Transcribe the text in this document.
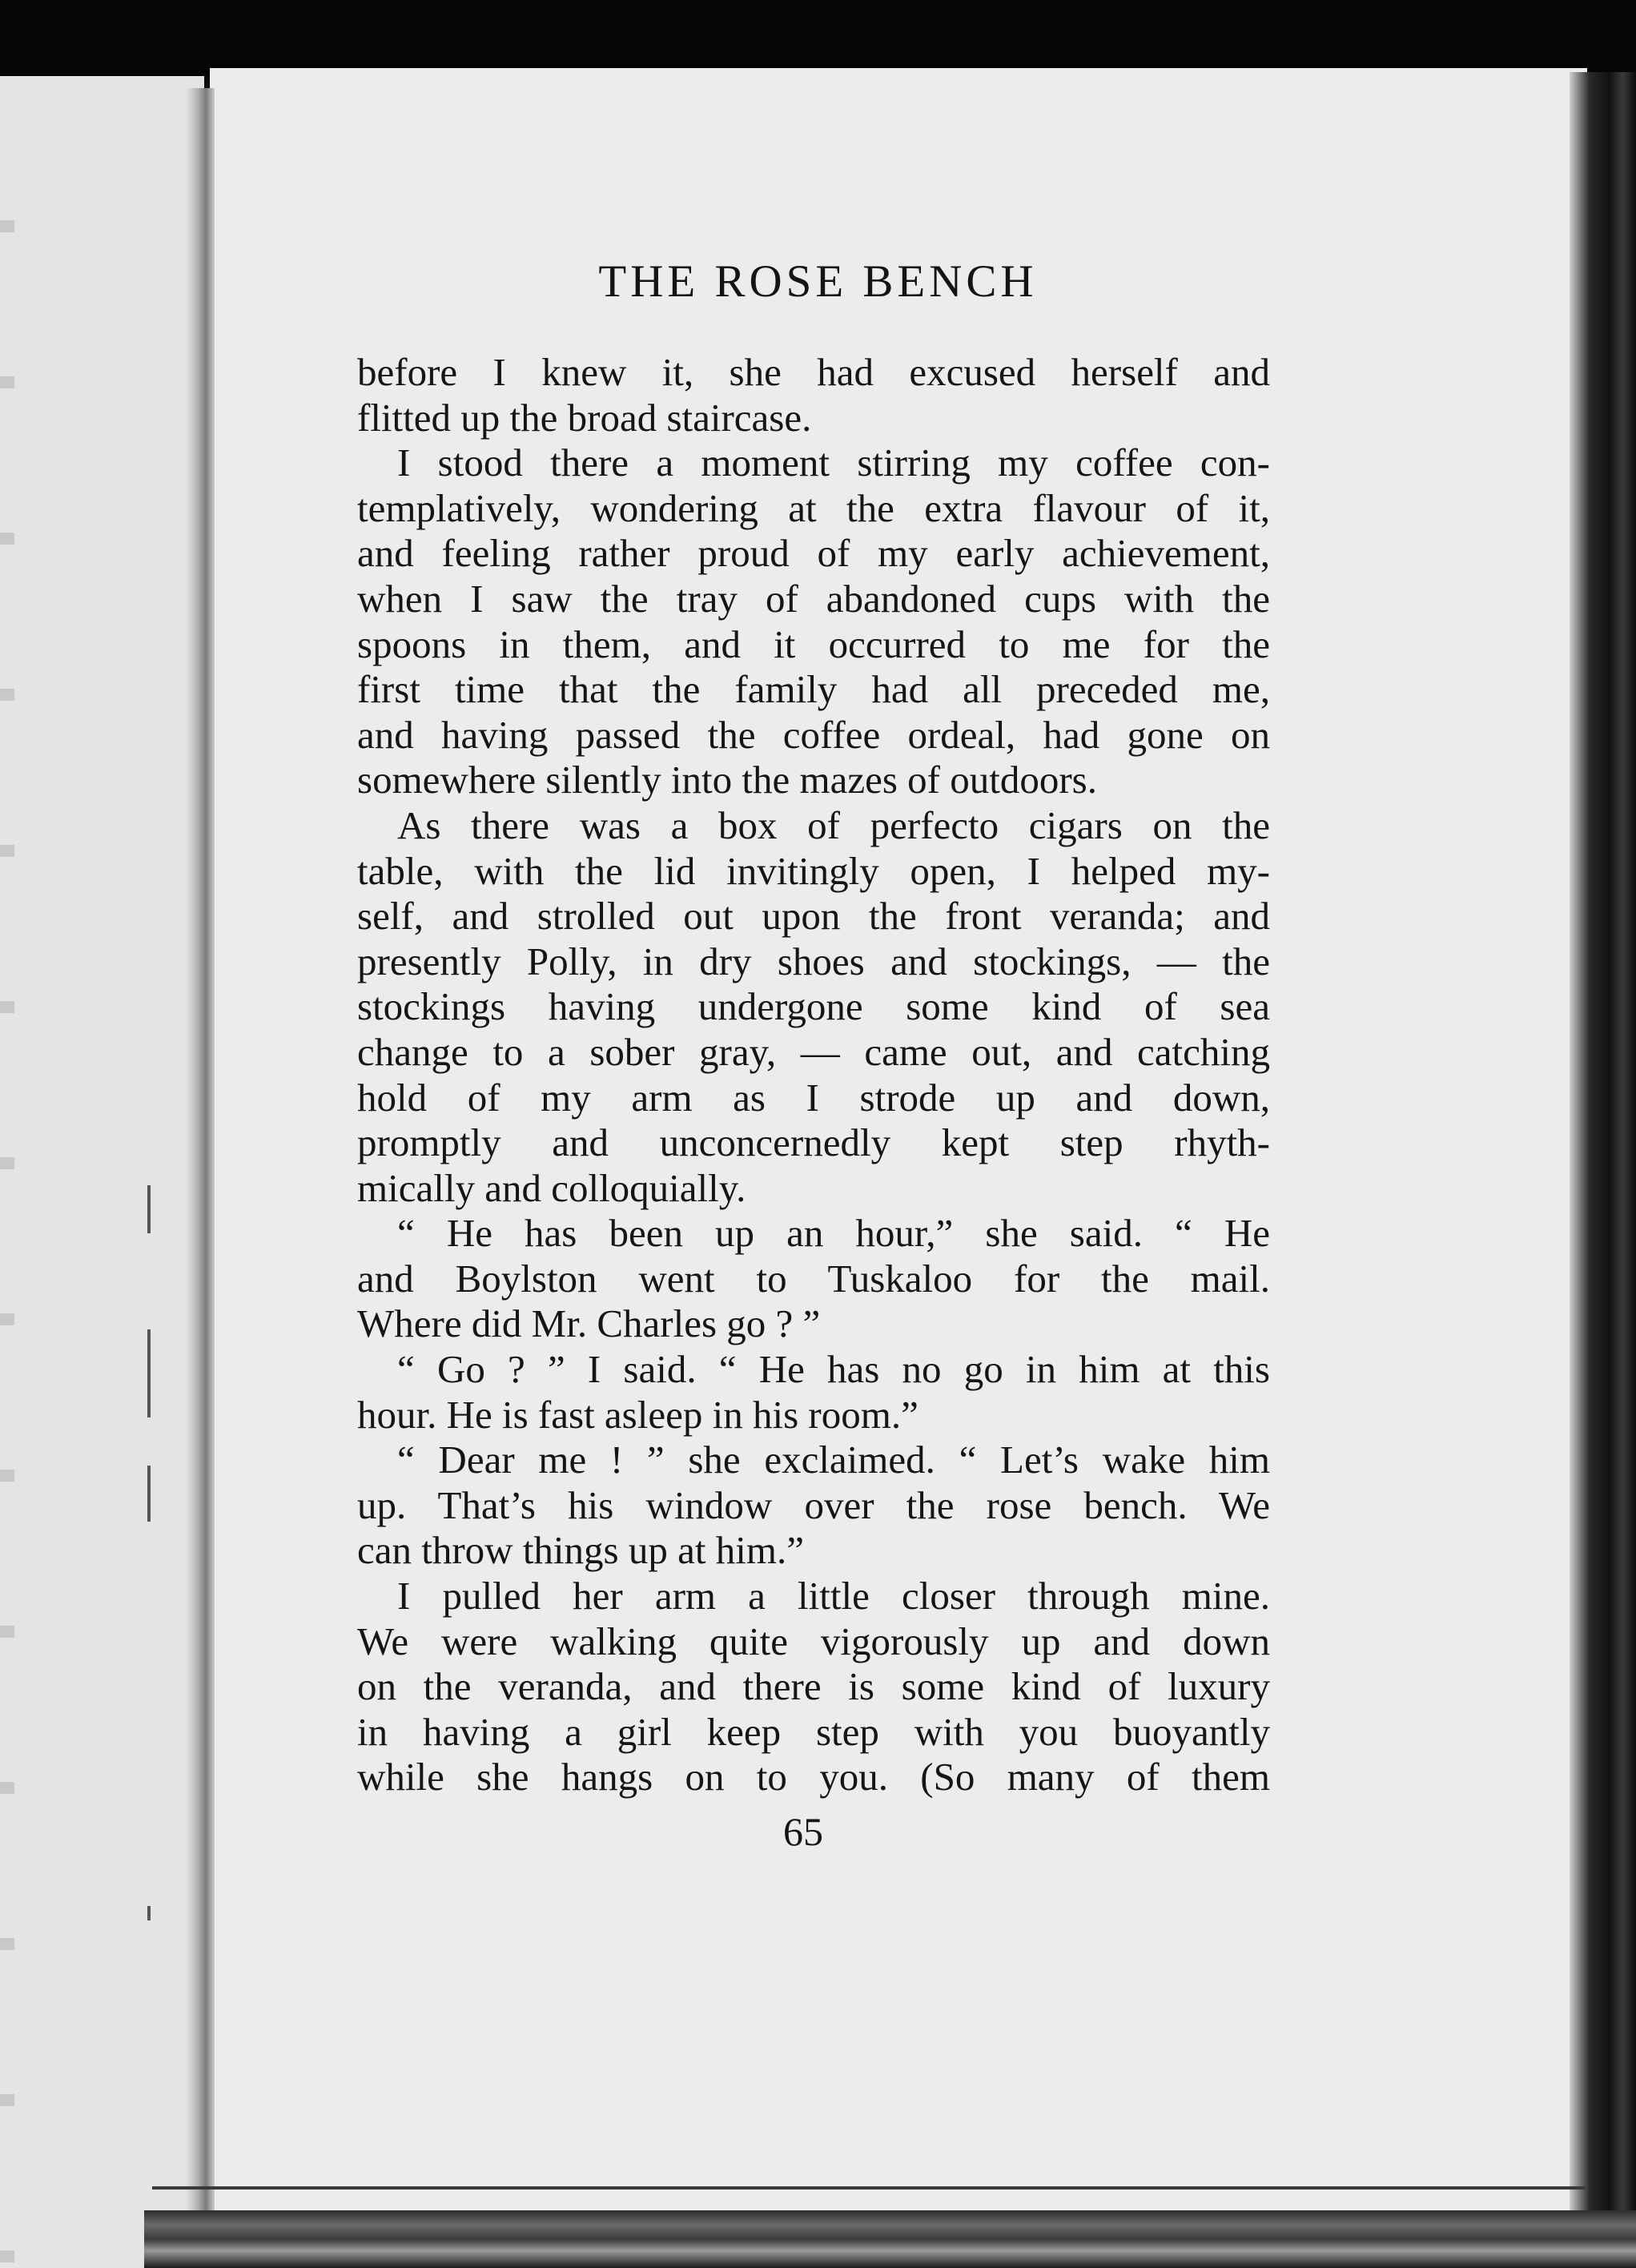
THE ROSE BENCH
before I knew it, she had excused herself and
flitted up the broad staircase.
I stood there a moment stirring my coffee con-
templatively, wondering at the extra flavour of it,
and feeling rather proud of my early achievement,
when I saw the tray of abandoned cups with the
spoons in them, and it occurred to me for the
first time that the family had all preceded me,
and having passed the coffee ordeal, had gone on
somewhere silently into the mazes of outdoors.
As there was a box of perfecto cigars on the
table, with the lid invitingly open, I helped my-
self, and strolled out upon the front veranda; and
presently Polly, in dry shoes and stockings, — the
stockings having undergone some kind of sea
change to a sober gray, — came out, and catching
hold of my arm as I strode up and down,
promptly and unconcernedly kept step rhyth-
mically and colloquially.
“ He has been up an hour,” she said. “ He
and Boylston went to Tuskaloo for the mail.
Where did Mr. Charles go ? ”
“ Go ? ” I said. “ He has no go in him at this
hour. He is fast asleep in his room.”
“ Dear me ! ” she exclaimed. “ Let’s wake him
up. That’s his window over the rose bench. We
can throw things up at him.”
I pulled her arm a little closer through mine.
We were walking quite vigorously up and down
on the veranda, and there is some kind of luxury
in having a girl keep step with you buoyantly
while she hangs on to you. (So many of them
65
